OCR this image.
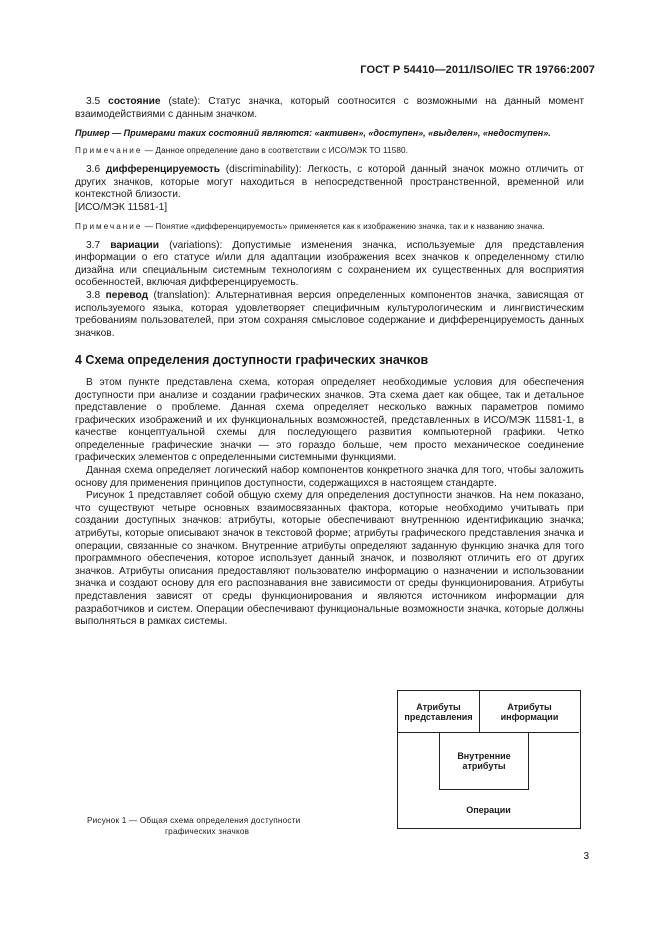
ГОСТ Р 54410—2011/ISO/IEC TR 19766:2007

3.5 состояние (state): Статус значка, который соотносится с возможными на данный момент взаимодействиями с данным значком.

Пример — Примерами таких состояний являются: «активен», «доступен», «выделен», «недоступен».

Примечание — Данное определение дано в соответствии с ИСО/МЭК ТО 11580.

3.6 дифференцируемость (discriminability): Легкость, с которой данный значок можно отличить от других значков, которые могут находиться в непосредственной пространственной, временной или контекстной близости.

[ИСО/МЭК 11581-1]

Примечание — Понятие «дифференцируемость» применяется как к изображению значка, так и к названию значка.

3.7 вариации (variations): Допустимые изменения значка, используемые для представления информации о его статусе и/или для адаптации изображения всех значков к определенному стилю дизайна или специальным системным технологиям с сохранением их существенных для восприятия особенностей, включая дифференцируемость.

3.8 перевод (translation): Альтернативная версия определенных компонентов значка, зависящая от используемого языка, которая удовлетворяет специфичным культурологическим и лингвистическим требованиям пользователей, при этом сохраняя смысловое содержание и дифференцируемость данных значков.

4 Схема определения доступности графических значков

В этом пункте представлена схема, которая определяет необходимые условия для обеспечения доступности при анализе и создании графических значков. Эта схема дает как общее, так и детальное представление о проблеме. Данная схема определяет несколько важных параметров помимо графических изображений и их функциональных возможностей, представленных в ИСО/МЭК 11581-1, в качестве концептуальной схемы для последующего развития компьютерной графики. Четко определенные графические значки — это гораздо больше, чем просто механическое соединение графических элементов с определенными системными функциями.

Данная схема определяет логический набор компонентов конкретного значка для того, чтобы заложить основу для применения принципов доступности, содержащихся в настоящем стандарте.

Рисунок 1 представляет собой общую схему для определения доступности значков. На нем показано, что существуют четыре основных взаимосвязанных фактора, которые необходимо учитывать при создании доступных значков: атрибуты, которые обеспечивают внутреннюю идентификацию значка; атрибуты, которые описывают значок в текстовой форме; атрибуты графического представления значка и операции, связанные со значком. Внутренние атрибуты определяют заданную функцию значка для того программного обеспечения, которое использует данный значок, и позволяют отличить его от других значков. Атрибуты описания предоставляют пользователю информацию о назначении и использовании значка и создают основу для его распознавания вне зависимости от среды функционирования. Атрибуты представления зависят от среды функционирования и являются источником информации для разработчиков и систем. Операции обеспечивают функциональные возможности значка, которые должны выполняться в рамках системы.

Атрибуты представления
Атрибуты информации
Внутренние атрибуты
Операции
Рисунок 1 — Общая схема определения доступности
графических значков
3
